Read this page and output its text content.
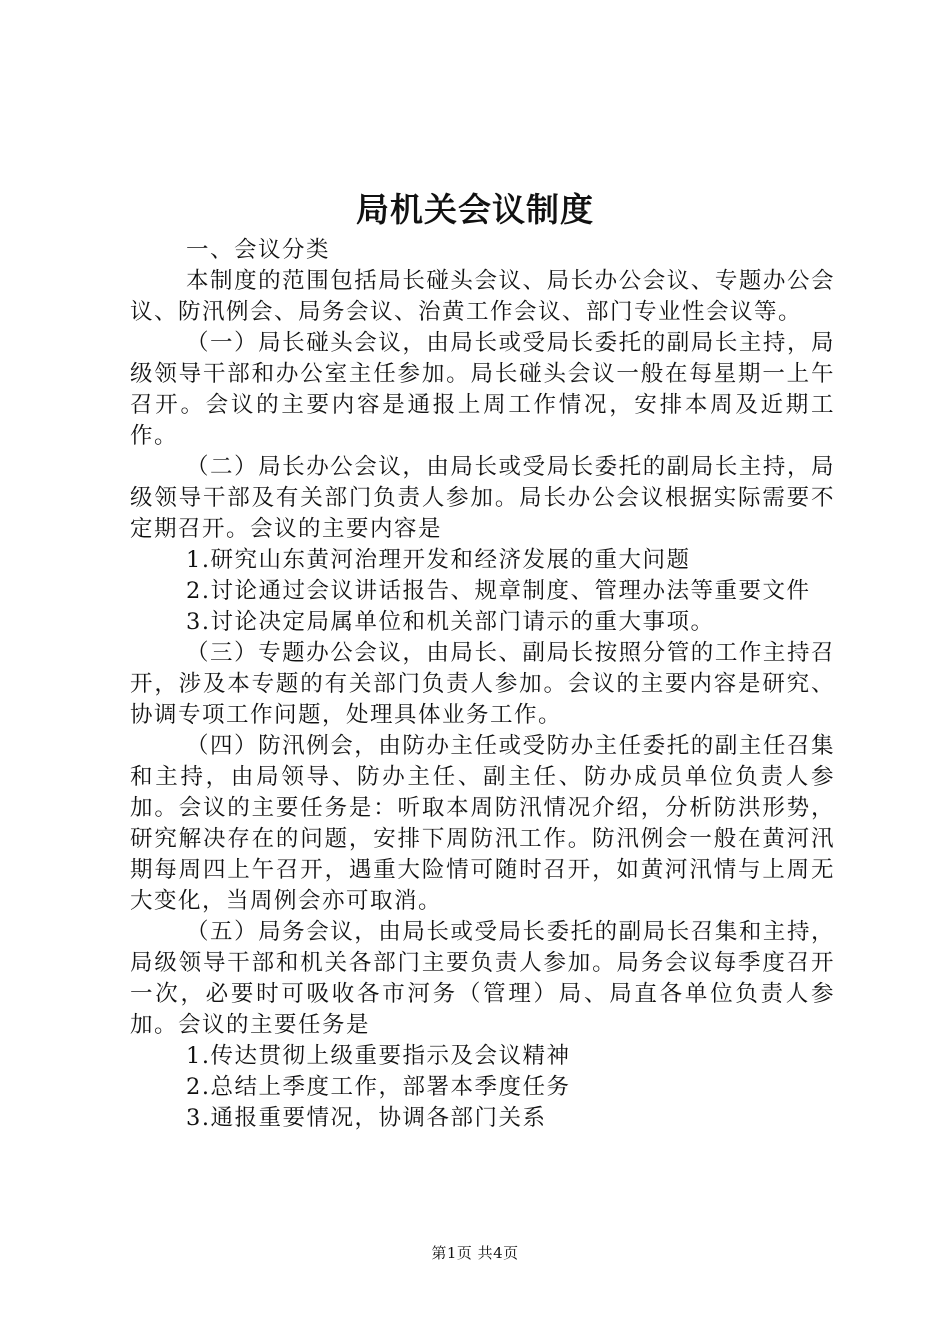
局机关会议制度

一、会议分类

本制度的范围包括局长碰头会议、局长办公会议、专题办公会议、防汛例会、局务会议、治黄工作会议、部门专业性会议等。

（一）局长碰头会议，由局长或受局长委托的副局长主持，局级领导干部和办公室主任参加。局长碰头会议一般在每星期一上午召开。会议的主要内容是通报上周工作情况，安排本周及近期工作。

（二）局长办公会议，由局长或受局长委托的副局长主持，局级领导干部及有关部门负责人参加。局长办公会议根据实际需要不定期召开。会议的主要内容是

1.研究山东黄河治理开发和经济发展的重大问题

2.讨论通过会议讲话报告、规章制度、管理办法等重要文件

3.讨论决定局属单位和机关部门请示的重大事项。

（三）专题办公会议，由局长、副局长按照分管的工作主持召开，涉及本专题的有关部门负责人参加。会议的主要内容是研究、协调专项工作问题，处理具体业务工作。

（四）防汛例会，由防办主任或受防办主任委托的副主任召集和主持，由局领导、防办主任、副主任、防办成员单位负责人参加。会议的主要任务是：听取本周防汛情况介绍，分析防洪形势，研究解决存在的问题，安排下周防汛工作。防汛例会一般在黄河汛期每周四上午召开，遇重大险情可随时召开，如黄河汛情与上周无大变化，当周例会亦可取消。

（五）局务会议，由局长或受局长委托的副局长召集和主持，局级领导干部和机关各部门主要负责人参加。局务会议每季度召开一次，必要时可吸收各市河务（管理）局、局直各单位负责人参加。会议的主要任务是

1.传达贯彻上级重要指示及会议精神

2.总结上季度工作，部署本季度任务

3.通报重要情况，协调各部门关系

第1页 共4页
